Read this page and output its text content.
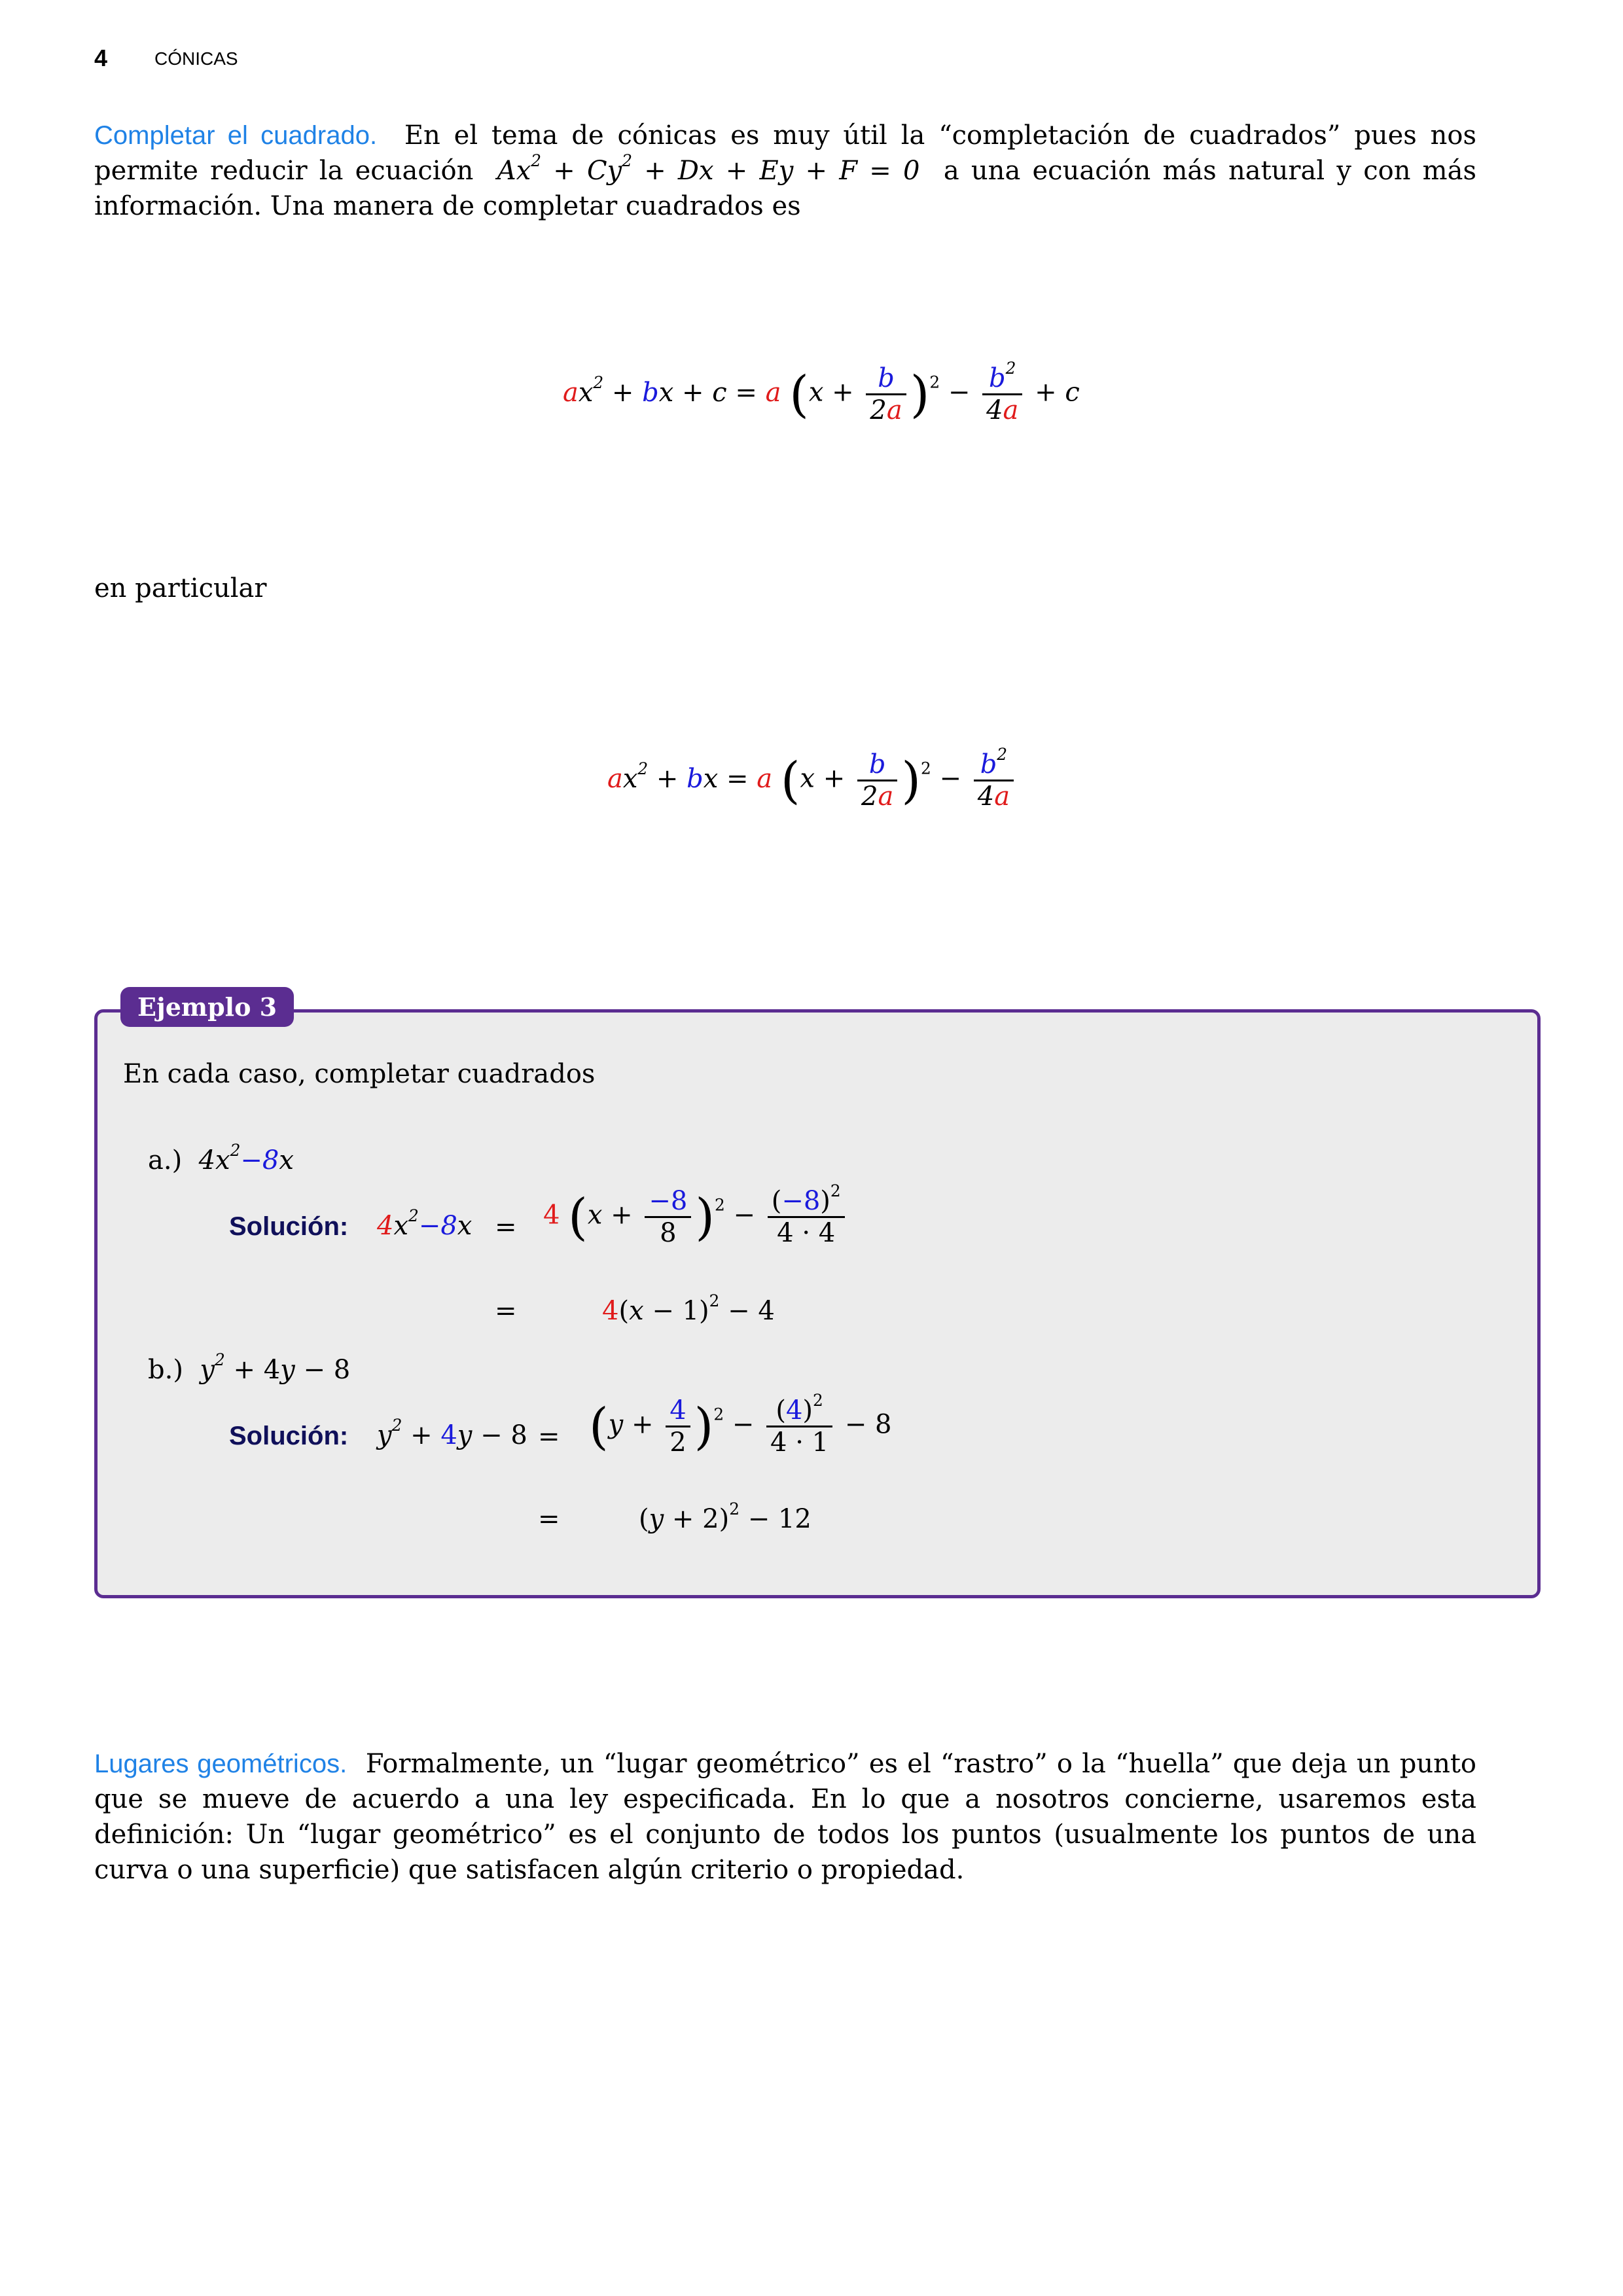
4	CÓNICAS
Completar el cuadrado. En el tema de cónicas es muy útil la “completación de cuadrados” pues nos permite reducir la ecuación  $Ax^2 + Cy^2 + Dx + Ey + F = 0$  a una ecuación más natural y con más información. Una manera de completar cuadrados es
$ax^2$ + bx + c = a $(x + \frac{b}{2a} )^2 - \frac{b^2}{4a} + c$
en particular
$ax^2$ + bx = a $(x + \frac{b}{2a} )^2 - \frac{b^2}{4a}$
Ejemplo 3
En cada caso, completar cuadrados
a.) $4x^2-8x$
Solución: $4x^2-8x = 4$ $(x + \frac{-8}{8} )^2 - \frac{(-8)^2}{4 \cdot 4}$
=	$4(x - 1)^2 - 4$
b.) $y^2 + 4y - 8$
Solución: $y^2 + 4y - 8 = (y + \frac{4}{2} )^2 - \frac{(4)^2}{4 \cdot 1} - 8$
=	$(y + 2)^2 - 12$
Lugares geométricos. Formalmente, un “lugar geométrico” es el “rastro” o la “huella” que deja un punto que se mueve de acuerdo a una ley especificada. En lo que a nosotros concierne, usaremos esta definición: Un “lugar geométrico” es el conjunto de todos los puntos (usualmente los puntos de una curva o una superficie) que satisfacen algún criterio o propiedad.
